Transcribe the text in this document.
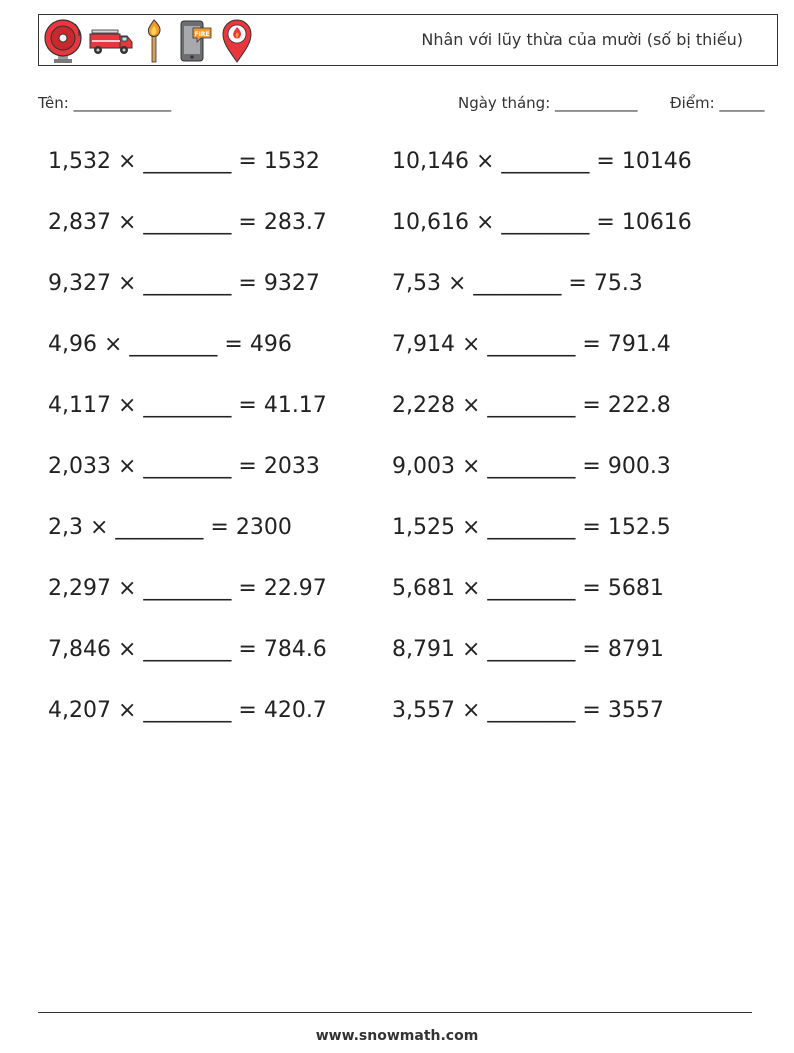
FIRE	Nhân với lũy thừa của mười (số bị thiếu)
Tên: _____________	Ngày tháng: ___________ Điểm: ______
1,532 × ________ = 1532	10,146 × ________ = 10146
2,837 × ________ = 283.7	10,616 × ________ = 10616
9,327 × ________ = 9327	7,53 × ________ = 75.3
4,96 × ________ = 496	7,914 × ________ = 791.4
4,117 × ________ = 41.17	2,228 × ________ = 222.8
2,033 × ________ = 2033	9,003 × ________ = 900.3
2,3 × ________ = 2300	1,525 × ________ = 152.5
2,297 × ________ = 22.97	5,681 × ________ = 5681
7,846 × ________ = 784.6	8,791 × ________ = 8791
4,207 × ________ = 420.7	3,557 × ________ = 3557
www.snowmath.com
